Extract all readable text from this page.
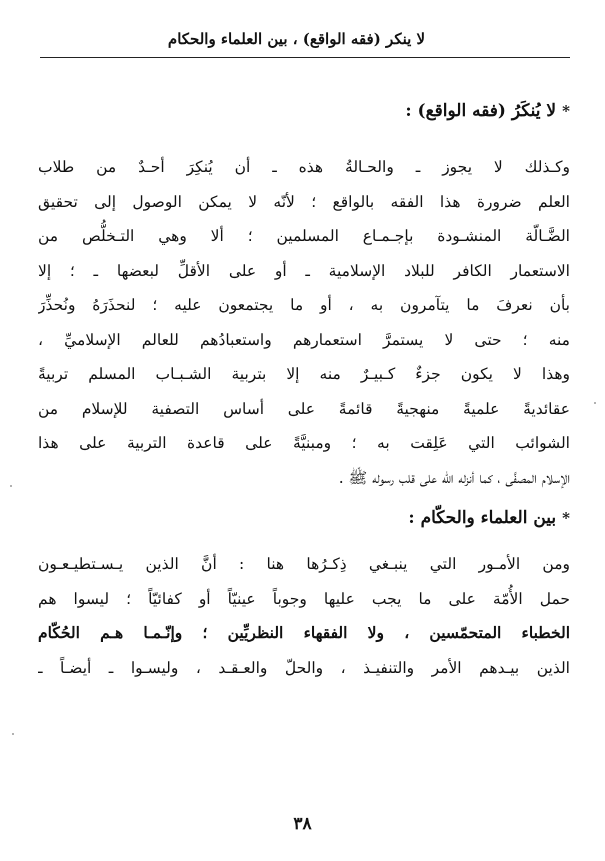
لا ينكر (فقه الواقع) ، بين العلماء والحكام
*لا يُنكَرُ (فقه الواقع) :
وكـذلك لا يجوز ـ والحـالةُ هذه ـ أن يُنكِرَ أحـدٌ من طلاب
العلم ضرورة هذا الفقه بالواقع ؛ لأنّه لا يمكن الوصول إلى تحقيق
الضَّـالّة المنشـودة بإجـمـاع المسلمين ؛ ألا وهي التـخلُّص من
الاستعمار الكافر للبلاد الإسلامية ـ أو على الأقلِّ لبعضها ـ ؛ إلا
بأن نعرفَ ما يتآمرون به ، أو ما يجتمعون عليه ؛ لنحذَرَهُ ونُحذِّرَ
منه ؛ حتى لا يستمرَّ استعمارهم واستعبادُهم للعالم الإسلاميِّ ،
وهذا لا يكون جزءٌ كـبيـرٌ منه إلا بتربية الشـبـاب المسلم تربيةً
عقائديةً علميةً منهجيةً قائمةً على أساس التصفية للإسلام من
الشوائب التي عَلِقت به ؛ ومبنيَّةً على قاعدة التربية على هذا
الإسلام المصفَّى ، كما أنزله الله على قلب رسوله ﷺ .
*بين العلماء والحكّام :
ومن الأمـور التي ينبـغي ذِكـرُها هنا : أنَّ الذين يـسـتطيـعـون
حمل الأُمّة على ما يجب عليها وجوباً عينيّاً أو كفائيّاً ؛ ليسوا هم
الخطباء المتحمّسين ، ولا الفقهاء النظريِّين ؛ وإنّـمـا هـم الحُكّام
الذين بيـدهم الأمر والتنفيـذ ، والحلّ والعـقـد ، وليسـوا ـ أيضـاً ـ
٣٨
